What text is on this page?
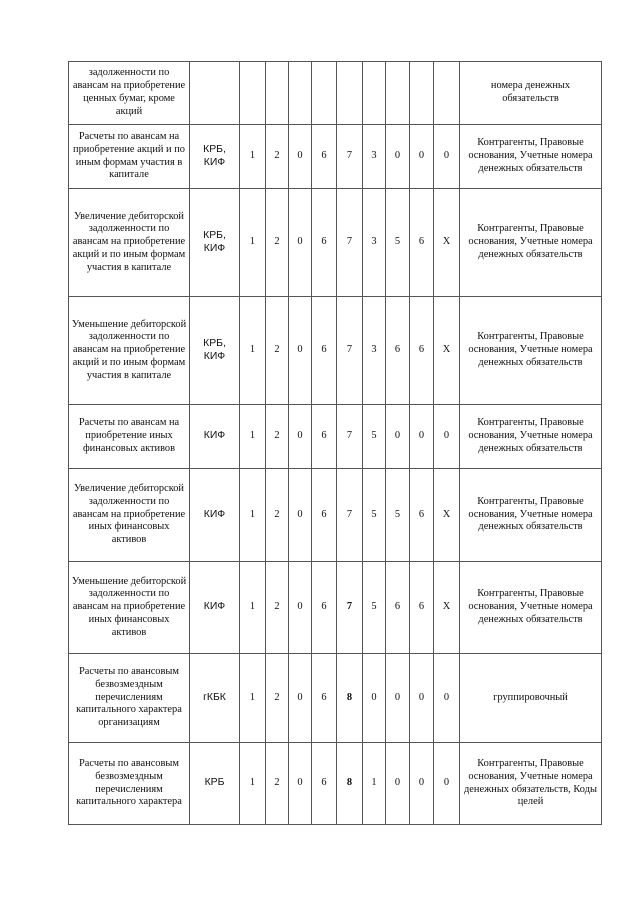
задолженности по авансам на приобретение ценных бумаг, кроме акций											номера денежных обязательств
Расчеты по авансам на приобретение акций и по иным формам участия в капитале	КРБ, КИФ	1	2	0	6	7	3	0	0	0	Контрагенты, Правовые основания, Учетные номера денежных обязательств
Увеличение дебиторской задолженности по авансам на приобретение акций и по иным формам участия в капитале	КРБ, КИФ	1	2	0	6	7	3	5	6	X	Контрагенты, Правовые основания, Учетные номера денежных обязательств
Уменьшение дебиторской задолженности по авансам на приобретение акций и по иным формам участия в капитале	КРБ, КИФ	1	2	0	6	7	3	6	6	X	Контрагенты, Правовые основания, Учетные номера денежных обязательств
Расчеты по авансам на приобретение иных финансовых активов	КИФ	1	2	0	6	7	5	0	0	0	Контрагенты, Правовые основания, Учетные номера денежных обязательств
Увеличение дебиторской задолженности по авансам на приобретение иных финансовых активов	КИФ	1	2	0	6	7	5	5	6	X	Контрагенты, Правовые основания, Учетные номера денежных обязательств
Уменьшение дебиторской задолженности по авансам на приобретение иных финансовых активов	КИФ	1	2	0	6	7	5	6	6	X	Контрагенты, Правовые основания, Учетные номера денежных обязательств
Расчеты по авансовым безвозмездным перечислениям капитального характера организациям	гКБК	1	2	0	6	8	0	0	0	0	группировочный
Расчеты по авансовым безвозмездным перечислениям капитального характера	КРБ	1	2	0	6	8	1	0	0	0	Контрагенты, Правовые основания, Учетные номера денежных обязательств, Коды целей
